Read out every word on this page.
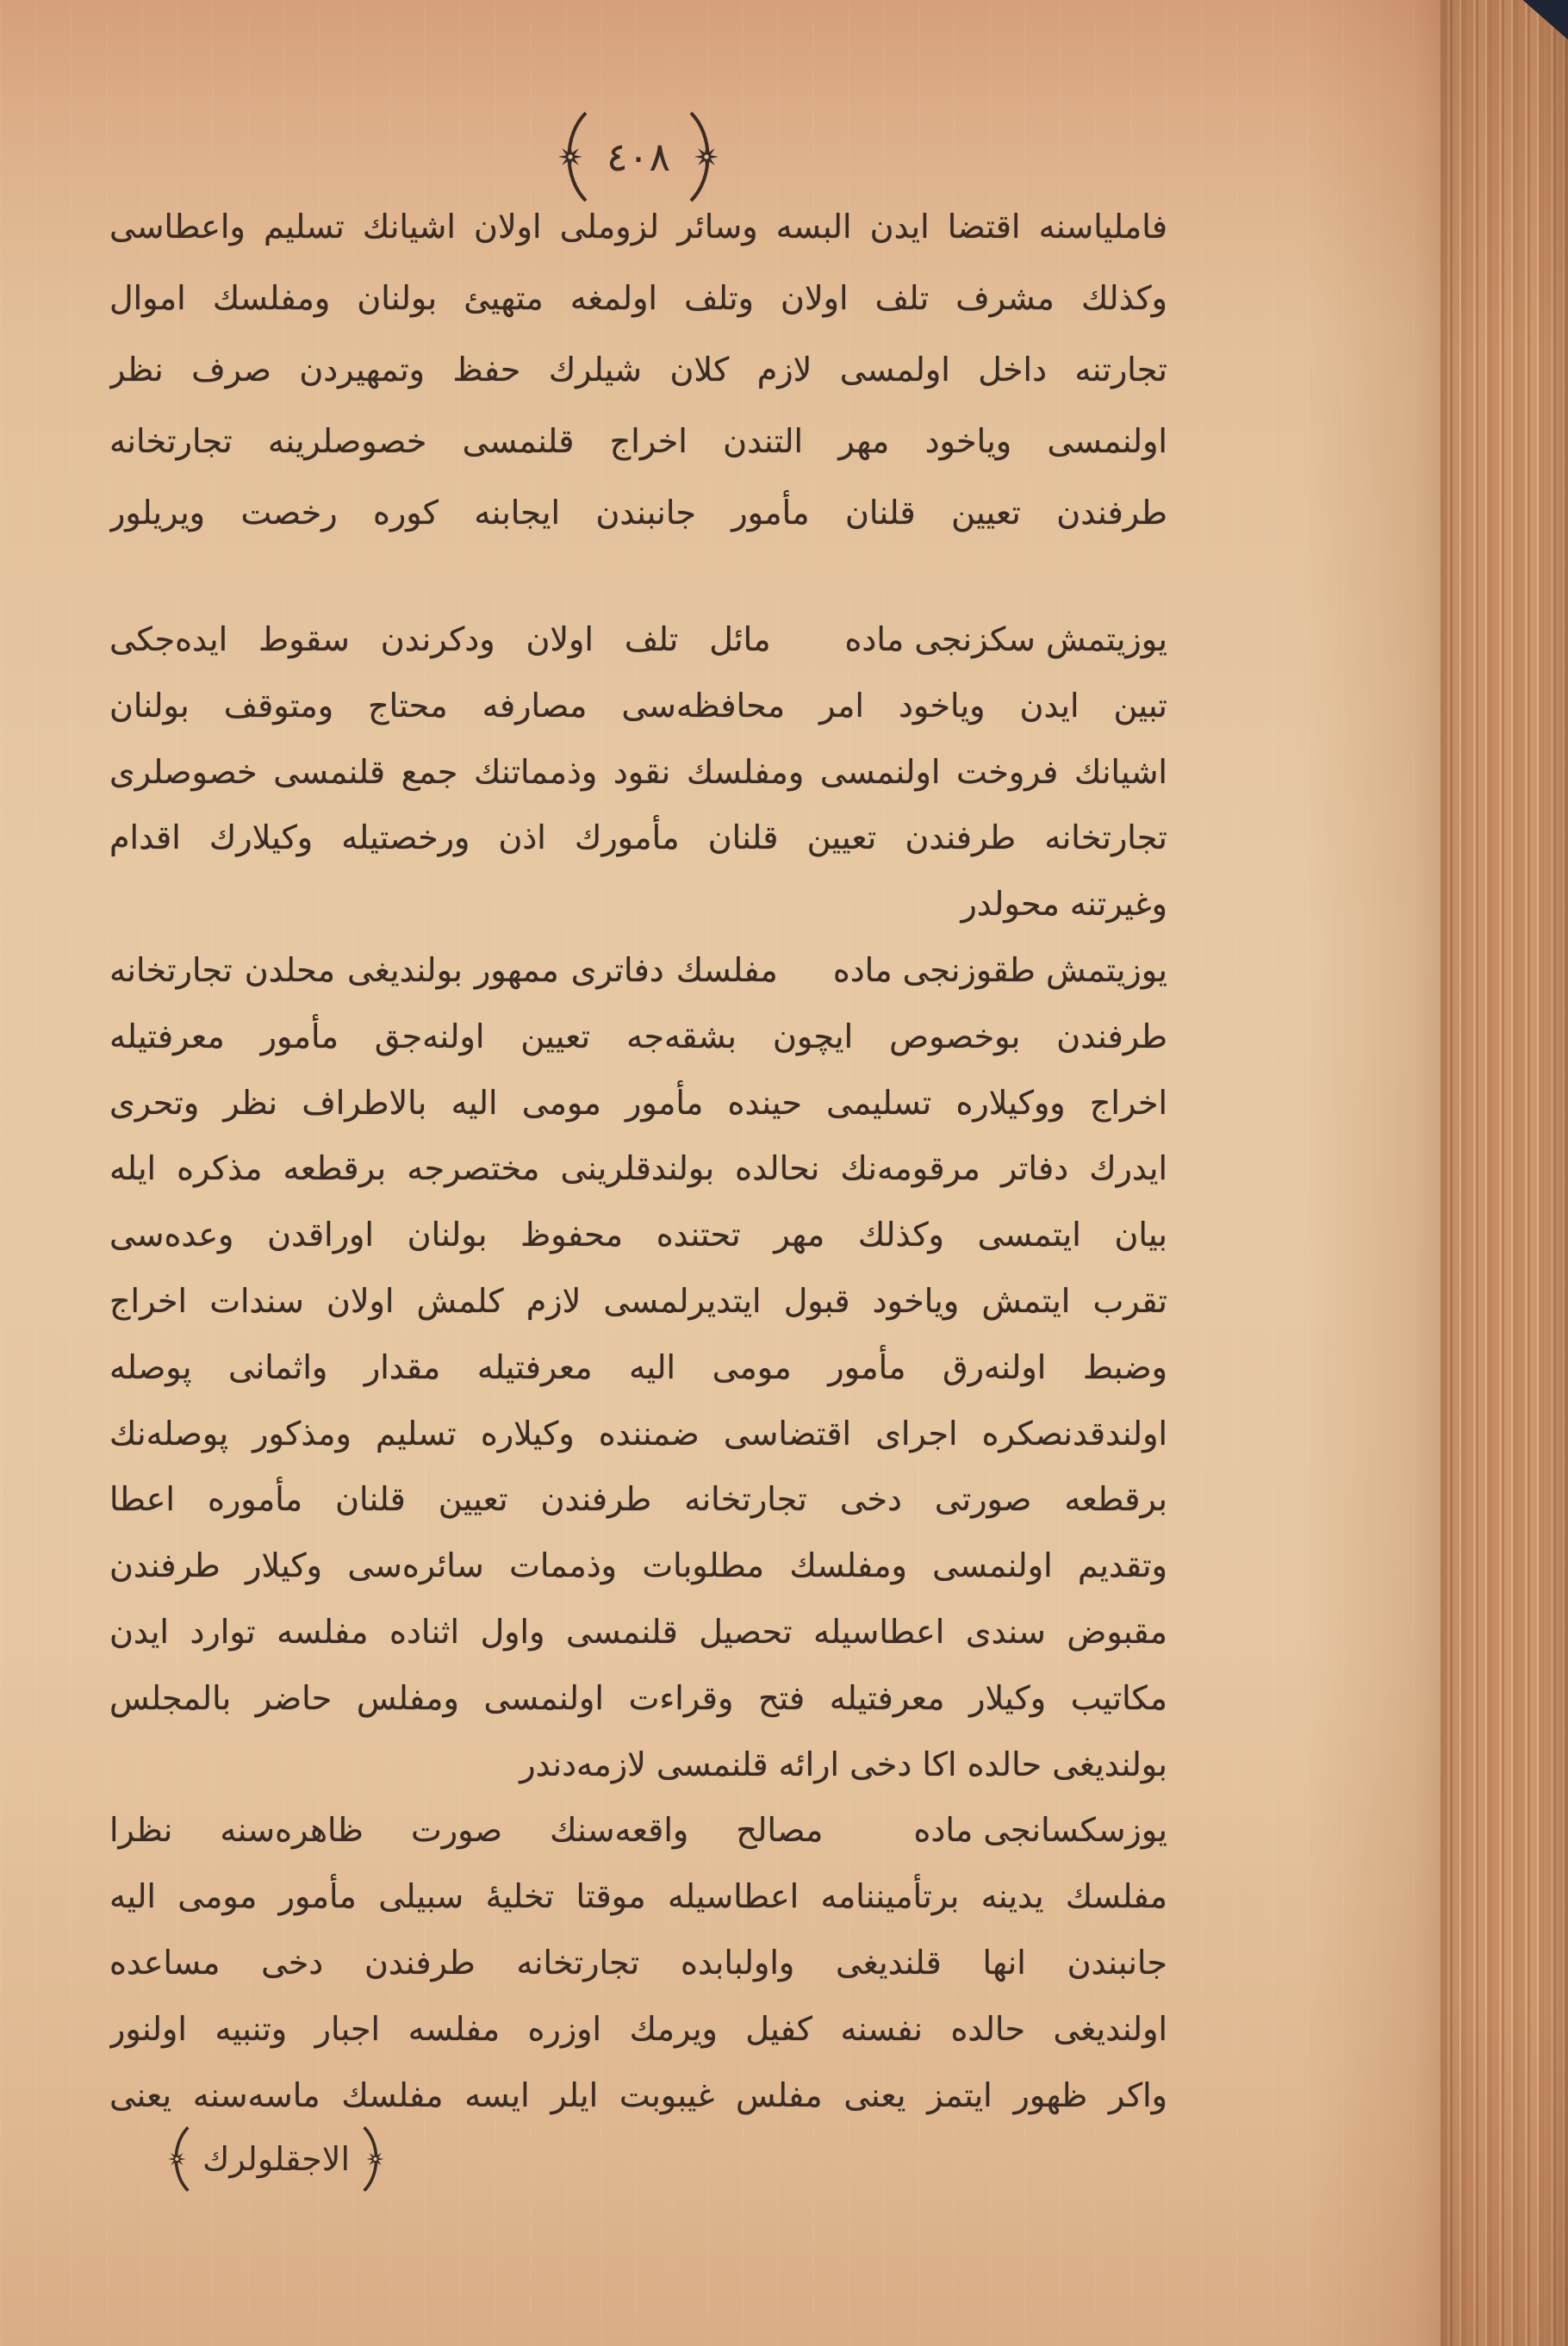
٤٠٨
فاملياسنه اقتضا ايدن البسه وسائر لزوملى اولان اشيانك تسليم واعطاسى
وكذلك مشرف تلف اولان وتلف اولمغه متهيئ بولنان ومفلسك اموال
تجارتنه داخل اولمسى لازم كلان شيلرك حفظ وتمهيردن صرف نظر
اولنمسى وياخود مهر التندن اخراج قلنمسى خصوصلرينه تجارتخانه
طرفندن تعيين قلنان مأمور جانبندن ايجابنه كوره رخصت ويريلور
يوزيتمش سكزنجى ماده مائل تلف اولان ودكرندن سقوط ايده‌جكى
تبين ايدن وياخود امر محافظه‌سى مصارفه محتاج ومتوقف بولنان
اشيانك فروخت اولنمسى ومفلسك نقود وذمماتنك جمع قلنمسى خصوصلرى
تجارتخانه طرفندن تعيين قلنان مأمورك اذن ورخصتيله وكيلارك اقدام
وغيرتنه محولدر
يوزيتمش طقوزنجى ماده مفلسك دفاترى ممهور بولنديغى محلدن تجارتخانه
طرفندن بوخصوص ايچون بشقه‌جه تعيين اولنه‌جق مأمور معرفتيله
اخراج ووكيلاره تسليمى حينده مأمور مومى اليه بالاطراف نظر وتحرى
ايدرك دفاتر مرقومه‌نك نحالده بولندقلرينى مختصرجه برقطعه مذكره ايله
بيان ايتمسى وكذلك مهر تحتنده محفوظ بولنان اوراقدن وعده‌سى
تقرب ايتمش وياخود قبول ايتديرلمسى لازم كلمش اولان سندات اخراج
وضبط اولنه‌رق مأمور مومى اليه معرفتيله مقدار واثمانى پوصله
اولندقدنصكره اجراى اقتضاسى ضمننده وكيلاره تسليم ومذكور پوصله‌نك
برقطعه صورتى دخى تجارتخانه طرفندن تعيين قلنان مأموره اعطا
وتقديم اولنمسى ومفلسك مطلوبات وذممات سائره‌سى وكيلار طرفندن
مقبوض سندى اعطاسيله تحصيل قلنمسى واول اثناده مفلسه توارد ايدن
مكاتيب وكيلار معرفتيله فتح وقراءت اولنمسى ومفلس حاضر بالمجلس
بولنديغى حالده اكا دخى ارائه قلنمسى لازمه‌دندر
يوزسكسانجى ماده مصالح واقعه‌سنك صورت ظاهره‌سنه نظرا
مفلسك يدينه برتأميننامه اعطاسيله موقتا تخليهٔ سبيلى مأمور مومى اليه
جانبندن انها قلنديغى واولبابده تجارتخانه طرفندن دخى مساعده
اولنديغى حالده نفسنه كفيل ويرمك اوزره مفلسه اجبار وتنبيه اولنور
واكر ظهور ايتمز يعنى مفلس غيبوبت ايلر ايسه مفلسك ماسه‌سنه يعنى
الاجقلولرك
